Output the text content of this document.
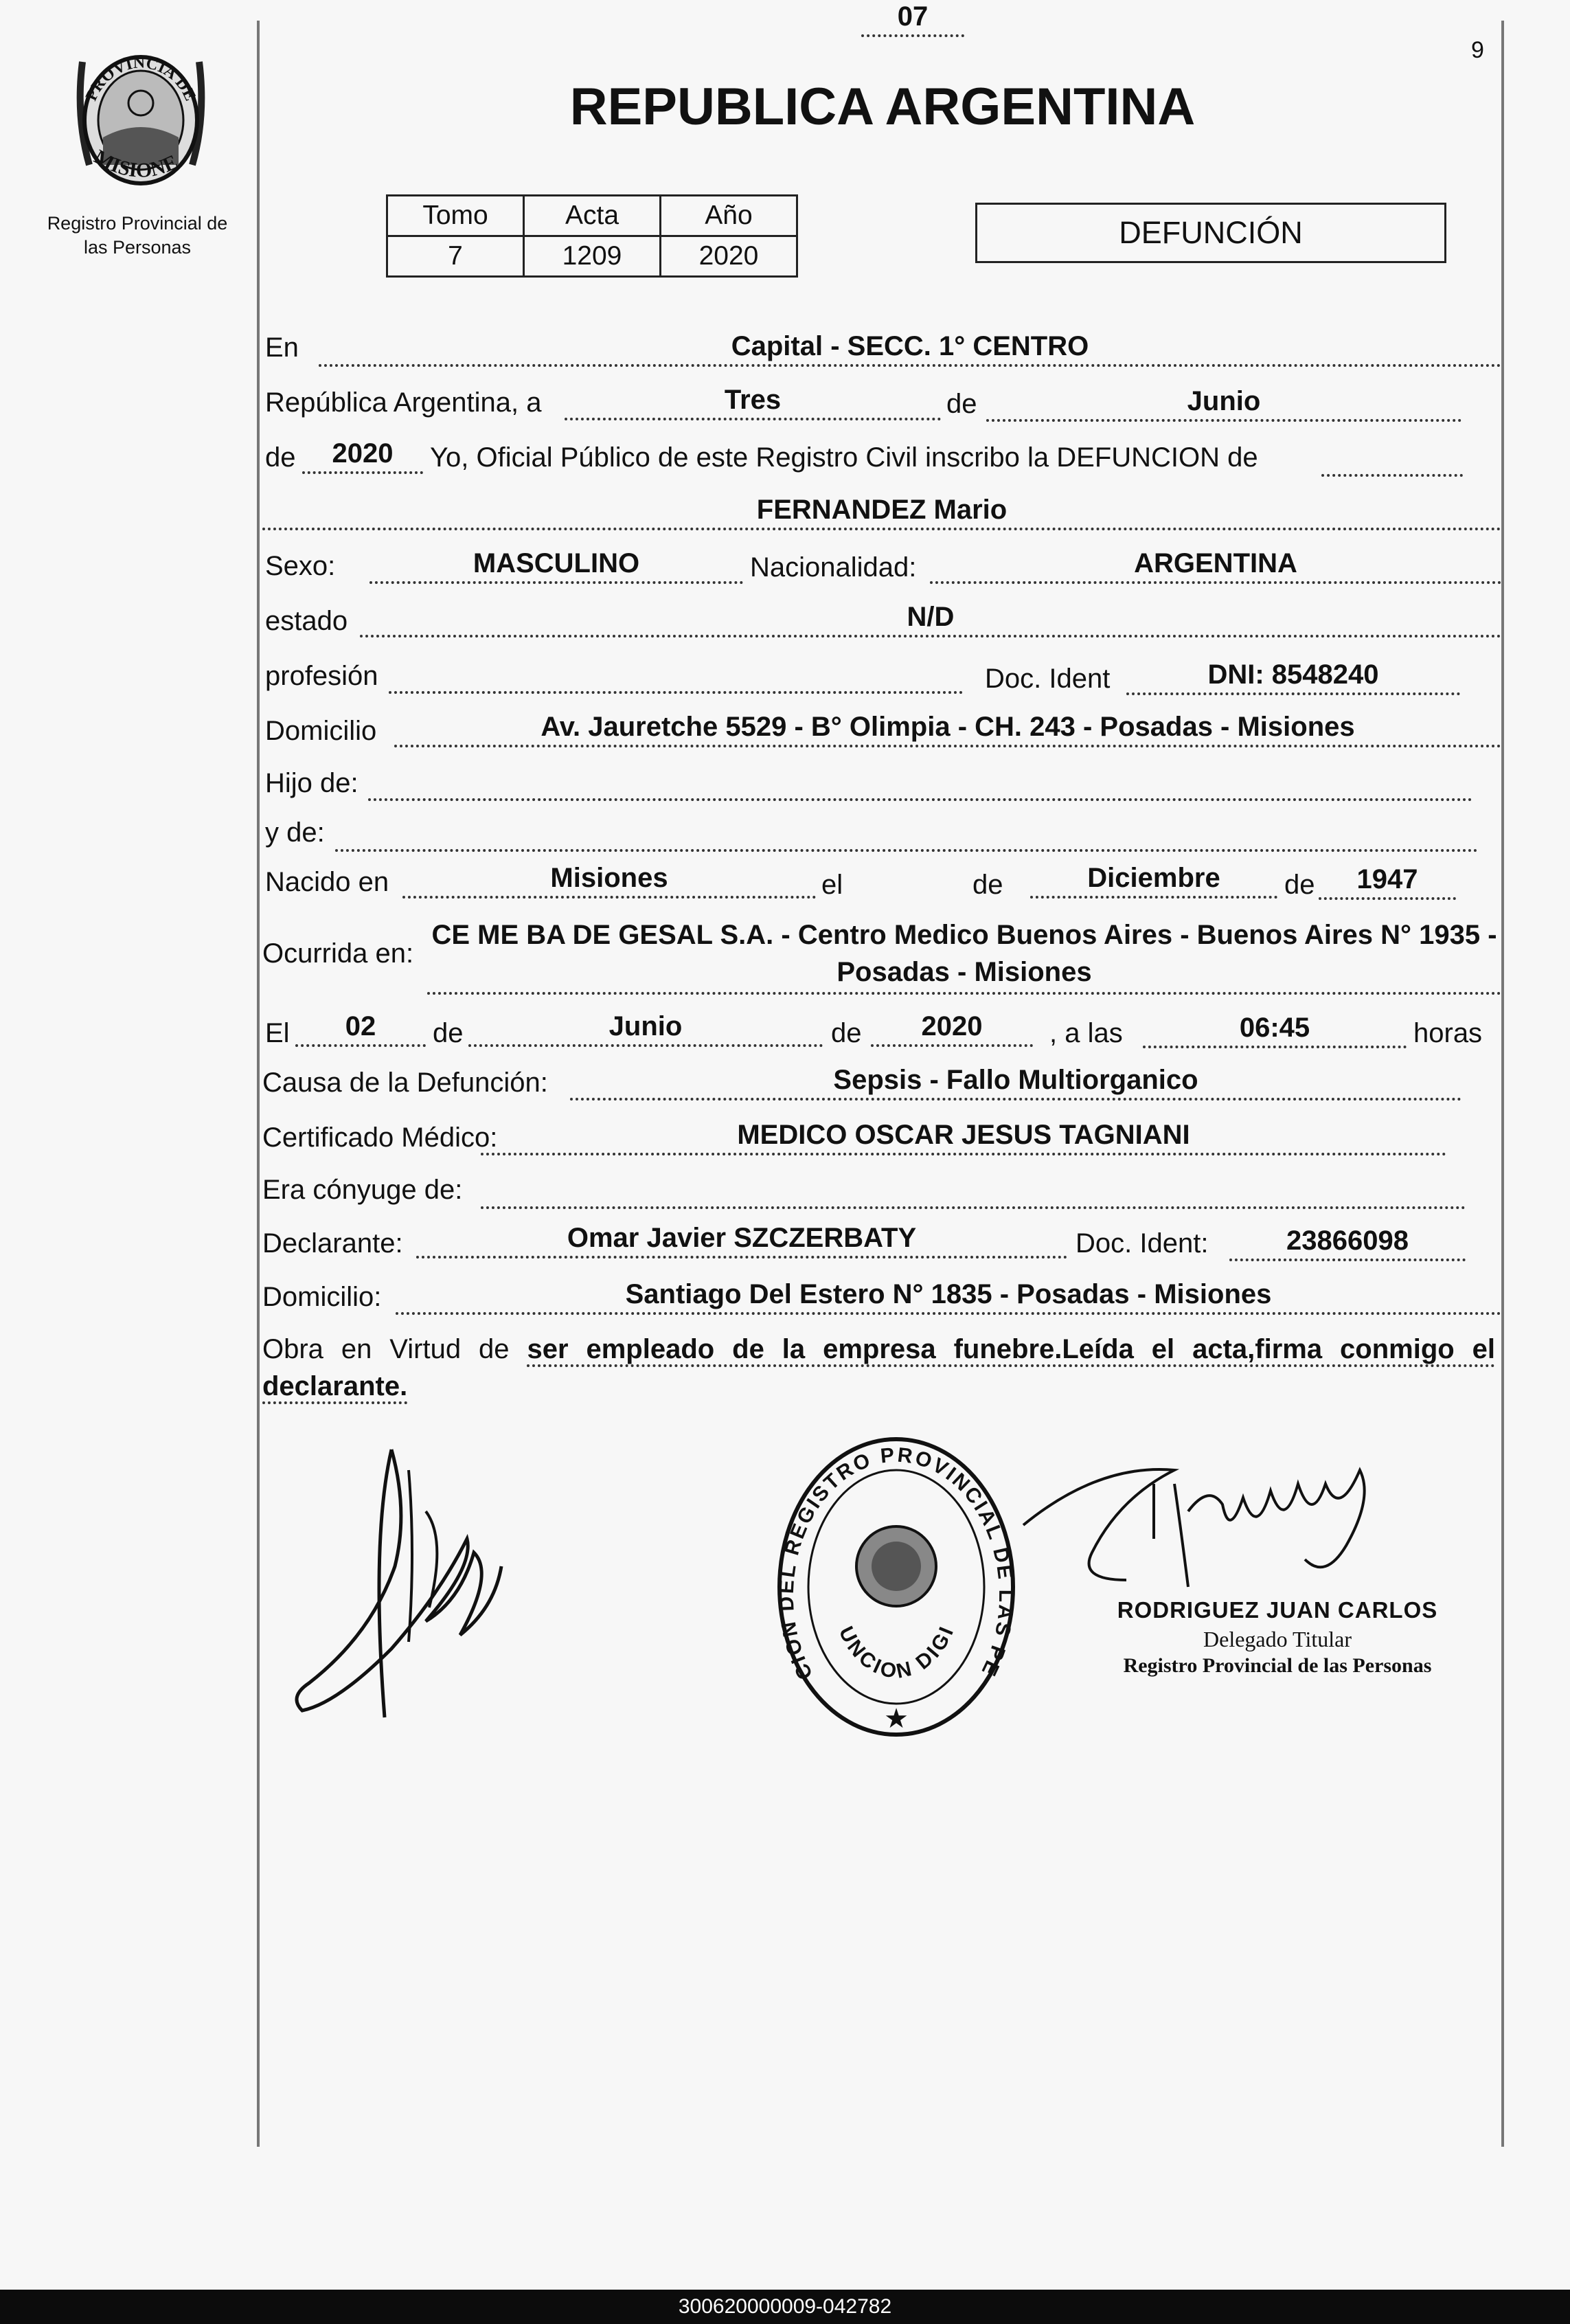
PROVINCIA DE
MISIONE
Registro Provincial de
las Personas
9
REPUBLICA ARGENTINA
Tomo	Acta	Año
7	1209	2020
DEFUNCIÓN
En	Capital - SECC. 1° CENTRO
República Argentina, a	Tres	de	Junio
de	2020	Yo, Oficial Público de este Registro Civil inscribo la DEFUNCION de
FERNANDEZ Mario
Sexo:	MASCULINO	Nacionalidad:	ARGENTINA
estado	N/D
profesión	Doc. Ident	DNI: 8548240
Domicilio	Av. Jauretche 5529 - B° Olimpia - CH. 243 - Posadas - Misiones
Hijo de:
y de:
Nacido en	Misiones	el
07
de	Diciembre	de	1947
Ocurrida en:
CE ME BA DE GESAL S.A. - Centro Medico Buenos Aires - Buenos Aires N° 1935 - Posadas - Misiones
El	02	de	Junio	de	2020	, a las	06:45	horas
Causa de la Defunción:	Sepsis - Fallo Multiorganico
Certificado Médico:	MEDICO OSCAR JESUS TAGNIANI
Era cónyuge de:
Declarante:	Omar Javier SZCZERBATY	Doc. Ident:	23866098
Domicilio:	Santiago Del Estero N° 1835 - Posadas - Misiones
Obra en Virtud de ser empleado de la empresa funebre.Leída el acta,firma conmigo el declarante.
CION DEL REGISTRO PROVINCIAL DE LAS PE
UNCION DIGI
★
RODRIGUEZ JUAN CARLOS
Delegado Titular
Registro Provincial de las Personas
300620000009-042782
